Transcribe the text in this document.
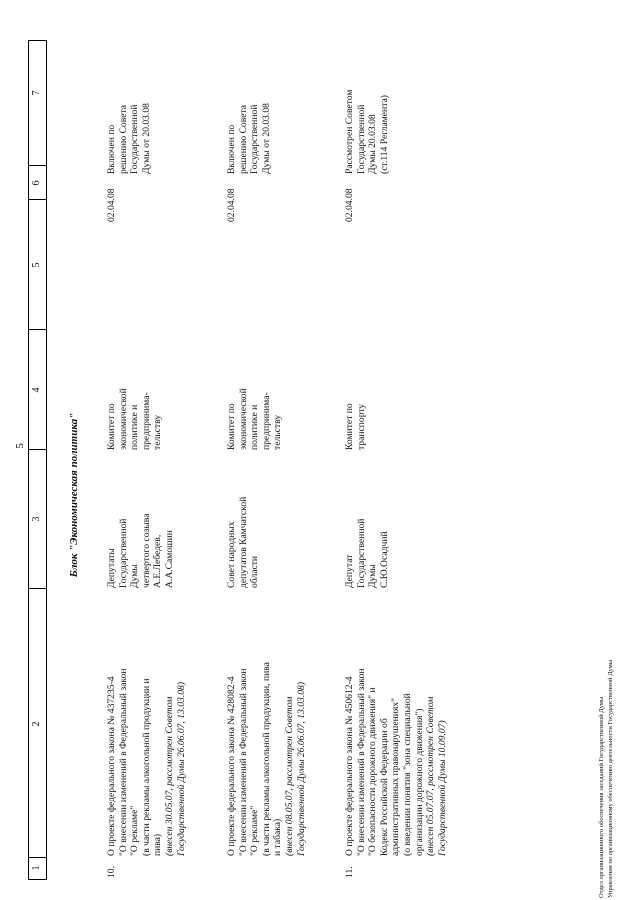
5
1
2
3
4
5
6
7
Блок "Экономическая политика"
10.
О проекте федерального закона № 437235-4 "О внесении изменений в Федеральный закон "О рекламе" (в части рекламы алкогольной продукции и пива) (внесен 30.05.07, рассмотрен Советом Государственной Думы 26.06.07, 13.03.08)
Депутаты Государственной Думы четвертого созыва А.Е.Лебедев, А.А.Самошин
Комитет по экономической политике и предпринима- тельству
02.04.08
Включен по решению Совета Государственной Думы от 20.03.08
О проекте федерального закона № 428082-4 "О внесении изменений в Федеральный закон "О рекламе" (в части рекламы алкогольной продукции, пива и табака) (внесен 08.05.07, рассмотрен Советом Государственной Думы 26.06.07, 13.03.08)
Совет народных депутатов Камчатской области
Комитет по экономической политике и предпринима- тельству
02.04.08
Включен по решению Совета Государственной Думы от 20.03.08
11.
О проекте федерального закона № 450612-4 "О внесении изменений в Федеральный закон "О безопасности дорожного движения" и Кодекс Российской Федерации об административных правонарушениях" (о введении понятия "зона специальной организации дорожного движения") (внесен 05.07.07, рассмотрен Советом Государственной Думы 10.09.07)
Депутат Государственной Думы С.Ю.Осадчий
Комитет по транспорту
02.04.08
Рассмотрен Советом Государственной Думы 20.03.08 (ст.114 Регламента)
Отдел организационного обеспечения заседаний Государственной Думы Управления по организационному обеспечению деятельности Государственной Думы
